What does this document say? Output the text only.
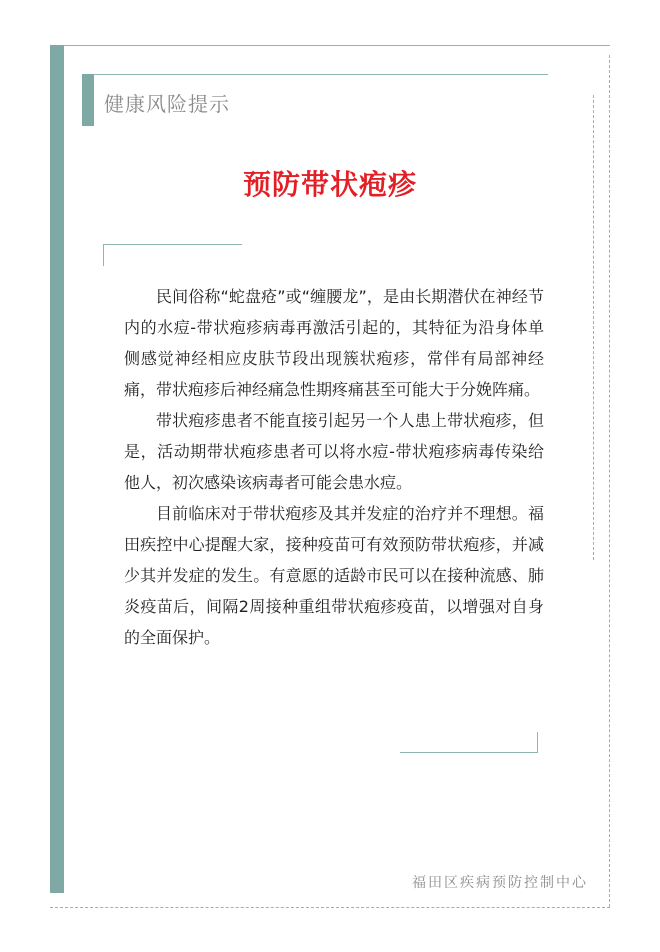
健康风险提示
预防带状疱疹

民间俗称“蛇盘疮”或“缠腰龙”，是由长期潜伏在神经节内的水痘-带状疱疹病毒再激活引起的，其特征为沿身体单侧感觉神经相应皮肤节段出现簇状疱疹，常伴有局部神经痛，带状疱疹后神经痛急性期疼痛甚至可能大于分娩阵痛。

带状疱疹患者不能直接引起另一个人患上带状疱疹，但是，活动期带状疱疹患者可以将水痘-带状疱疹病毒传染给他人，初次感染该病毒者可能会患水痘。

目前临床对于带状疱疹及其并发症的治疗并不理想。福田疾控中心提醒大家，接种疫苗可有效预防带状疱疹，并减少其并发症的发生。有意愿的适龄市民可以在接种流感、肺炎疫苗后，间隔2周接种重组带状疱疹疫苗，以增强对自身的全面保护。

福田区疾病预防控制中心
